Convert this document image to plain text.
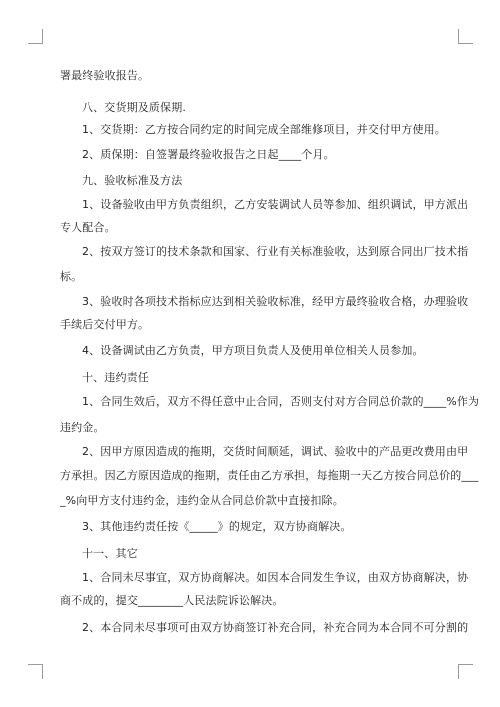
署最终验收报告。
八、交货期及质保期.
1、交货期：乙方按合同约定的时间完成全部维修项目，并交付甲方使用。
2、质保期：自签署最终验收报告之日起____个月。
九、验收标准及方法
1、设备验收由甲方负责组织，乙方安装调试人员等参加、组织调试，甲方派出
专人配合。
2、按双方签订的技术条款和国家、行业有关标准验收，达到原合同出厂技术指
标。
3、验收时各项技术指标应达到相关验收标准，经甲方最终验收合格，办理验收
手续后交付甲方。
4、设备调试由乙方负责，甲方项目负责人及使用单位相关人员参加。
十、违约责任
1、合同生效后，双方不得任意中止合同，否则支付对方合同总价款的____%作为
违约金。
2、因甲方原因造成的拖期，交货时间顺延，调试、验收中的产品更改费用由甲
方承担。因乙方原因造成的拖期，责任由乙方承担，每拖期一天乙方按合同总价的___
_%向甲方支付违约金，违约金从合同总价款中直接扣除。
3、其他违约责任按《_____》的规定，双方协商解决。
十一、其它
1、合同未尽事宜，双方协商解决。如因本合同发生争议，由双方协商解决，协
商不成的，提交________人民法院诉讼解决。
2、本合同未尽事项可由双方协商签订补充合同，补充合同为本合同不可分割的
